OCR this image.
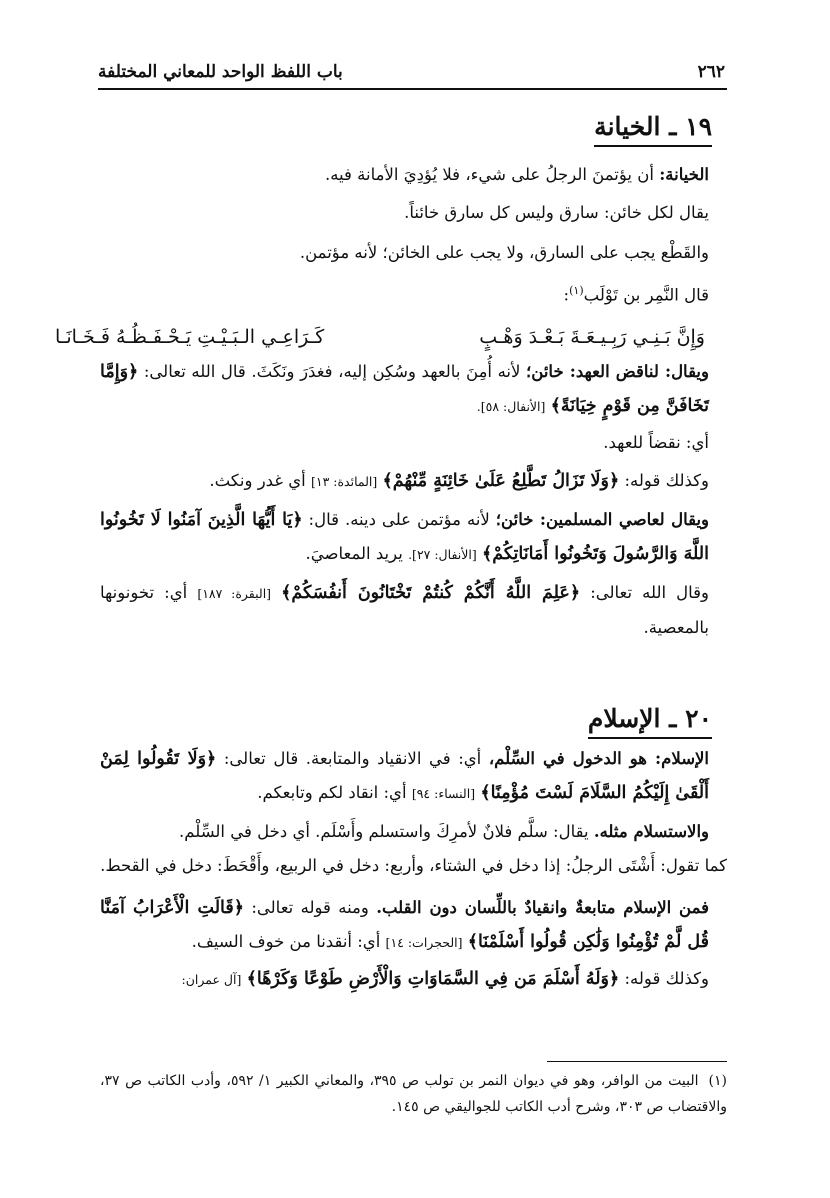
٢٦٢
باب اللفظ الواحد للمعاني المختلفة
١٩ ـ الخيانة

الخيانة: أن يؤتمنَ الرجلُ على شيء، فلا يُؤدِيَ الأمانة فيه.

يقال لكل خائن: سارق وليس كل سارق خائناً.

والقَطْع يجب على السارق، ولا يجب على الخائن؛ لأنه مؤتمن.

قال النَّمِر بن تَوْلَب$^{(١)}$:

وَإِنَّ بَـنِـي رَبِـيـعَـةَ بَـعْـدَ وَهْـبٍ
كَـرَاعِـي الـبَـيْـتِ يَـحْـفَـظُـهُ فَـخَـانَـا

ويقال: لناقض العهد: خائن؛ لأنه أُمِنَ بالعهد وسُكِن إليه، فغدَرَ ونَكَثَ. قال الله تعالى: ﴿وَإِمَّا تَخَافَنَّ مِن قَوْمٍ خِيَانَةً﴾ [الأنفال: ٥٨].

أي: نقضاً للعهد.

وكذلك قوله: ﴿وَلَا تَزَالُ تَطَّلِعُ عَلَىٰ خَائِنَةٍ مِّنْهُمْ﴾ [المائدة: ١٣] أي غدر ونكث.

ويقال لعاصي المسلمين: خائن؛ لأنه مؤتمن على دينه. قال: ﴿يَا أَيُّهَا الَّذِينَ آمَنُوا لَا تَخُونُوا اللَّهَ وَالرَّسُولَ وَتَخُونُوا أَمَانَاتِكُمْ﴾ [الأنفال: ٢٧]. يريد المعاصيَ.

وقال الله تعالى: ﴿عَلِمَ اللَّهُ أَنَّكُمْ كُنتُمْ تَخْتَانُونَ أَنفُسَكُمْ﴾ [البقرة: ١٨٧] أي: تخونونها بالمعصية.

٢٠ ـ الإسلام

الإسلام: هو الدخول في السِّلْم، أي: في الانقياد والمتابعة. قال تعالى: ﴿وَلَا تَقُولُوا لِمَنْ أَلْقَىٰ إِلَيْكُمُ السَّلَامَ لَسْتَ مُؤْمِنًا﴾ [النساء: ٩٤] أي: انقاد لكم وتابعكم.

والاستسلام مثله. يقال: سلَّم فلانٌ لأمرِكَ واستسلم وأَسْلَم. أي دخل في السِّلْم.

كما تقول: أَشْتَى الرجلُ: إذا دخل في الشتاء، وأربع: دخل في الربيع، وأَقْحَطَ: دخل في القحط.

فمن الإسلام متابعةٌ وانقيادٌ باللِّسان دون القلب. ومنه قوله تعالى: ﴿قَالَتِ الْأَعْرَابُ آمَنَّا قُل لَّمْ تُؤْمِنُوا وَلَٰكِن قُولُوا أَسْلَمْنَا﴾ [الحجرات: ١٤] أي: أنقدنا من خوف السيف.

وكذلك قوله: ﴿وَلَهُ أَسْلَمَ مَن فِي السَّمَاوَاتِ وَالْأَرْضِ طَوْعًا وَكَرْهًا﴾ [آل عمران:

(١)البيت من الوافر، وهو في ديوان النمر بن تولب ص ٣٩٥، والمعاني الكبير ١/ ٥٩٢، وأدب الكاتب ص ٣٧، والاقتضاب ص ٣٠٣، وشرح أدب الكاتب للجواليقي ص ١٤٥.
